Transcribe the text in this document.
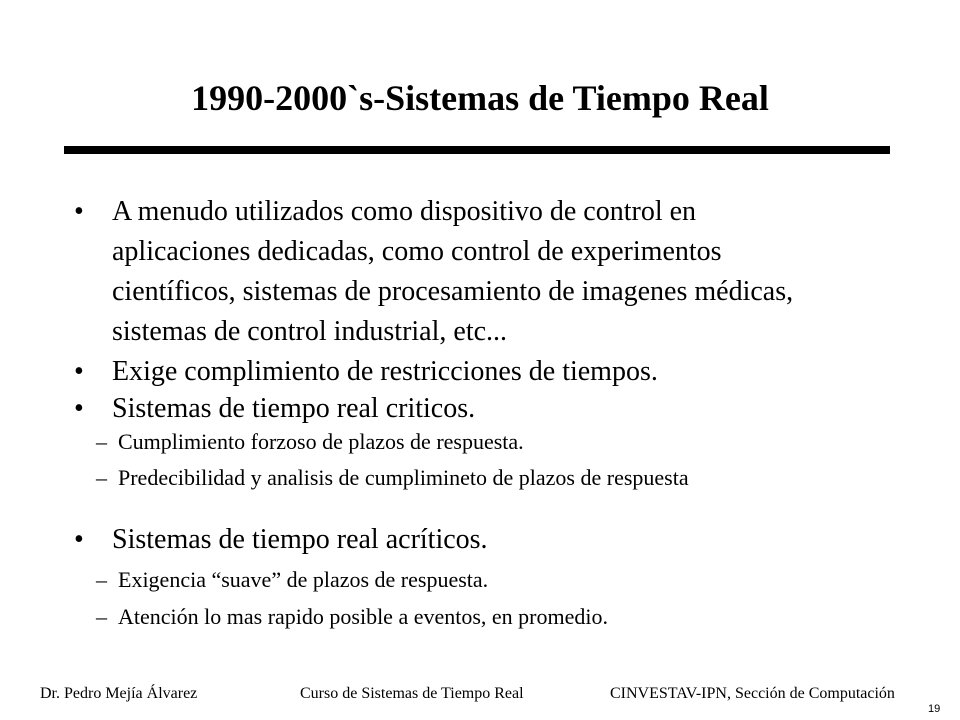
1990-2000`s-Sistemas de Tiempo Real
• A menudo utilizados como dispositivo de control en aplicaciones dedicadas, como control de experimentos científicos, sistemas de procesamiento de imagenes médicas, sistemas de control industrial, etc...
• Exige complimiento de restricciones de tiempos.
• Sistemas de tiempo real criticos.
– Cumplimiento forzoso de plazos de respuesta.
– Predecibilidad y analisis de cumplimineto de plazos de respuesta
• Sistemas de tiempo real acríticos.
– Exigencia “suave” de plazos de respuesta.
– Atención lo mas rapido posible a eventos, en promedio.
Dr. Pedro Mejía Álvarez	Curso de Sistemas de Tiempo Real	CINVESTAV-IPN, Sección de Computación
19
